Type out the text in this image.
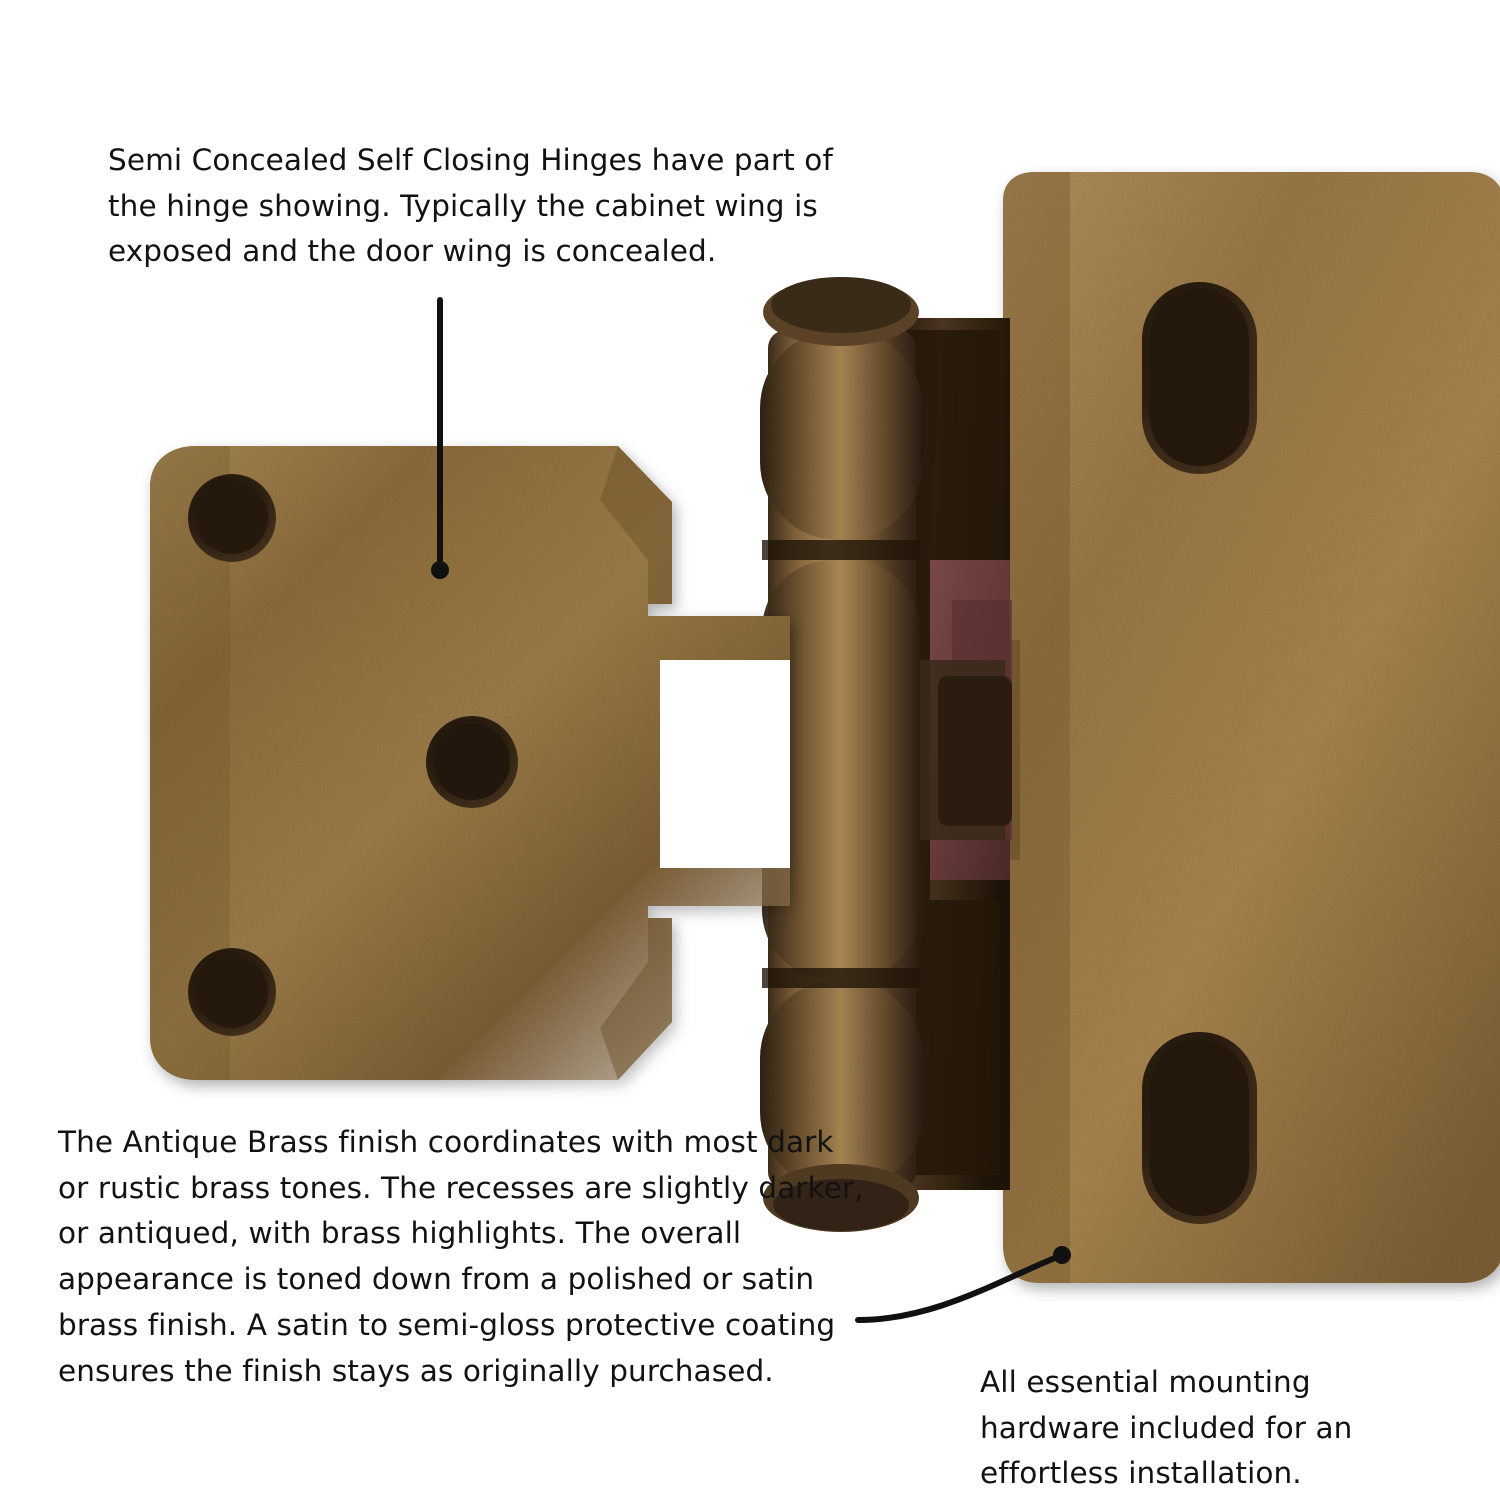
Semi Concealed Self Closing Hinges have part of the hinge showing. Typically the cabinet wing is exposed and the door wing is concealed.
The Antique Brass finish coordinates with most dark or rustic brass tones. The recesses are slightly darker, or antiqued, with brass highlights. The overall appearance is toned down from a polished or satin brass finish. A satin to semi-gloss protective coating ensures the finish stays as originally purchased.	All essential mounting hardware included for an effortless installation.
